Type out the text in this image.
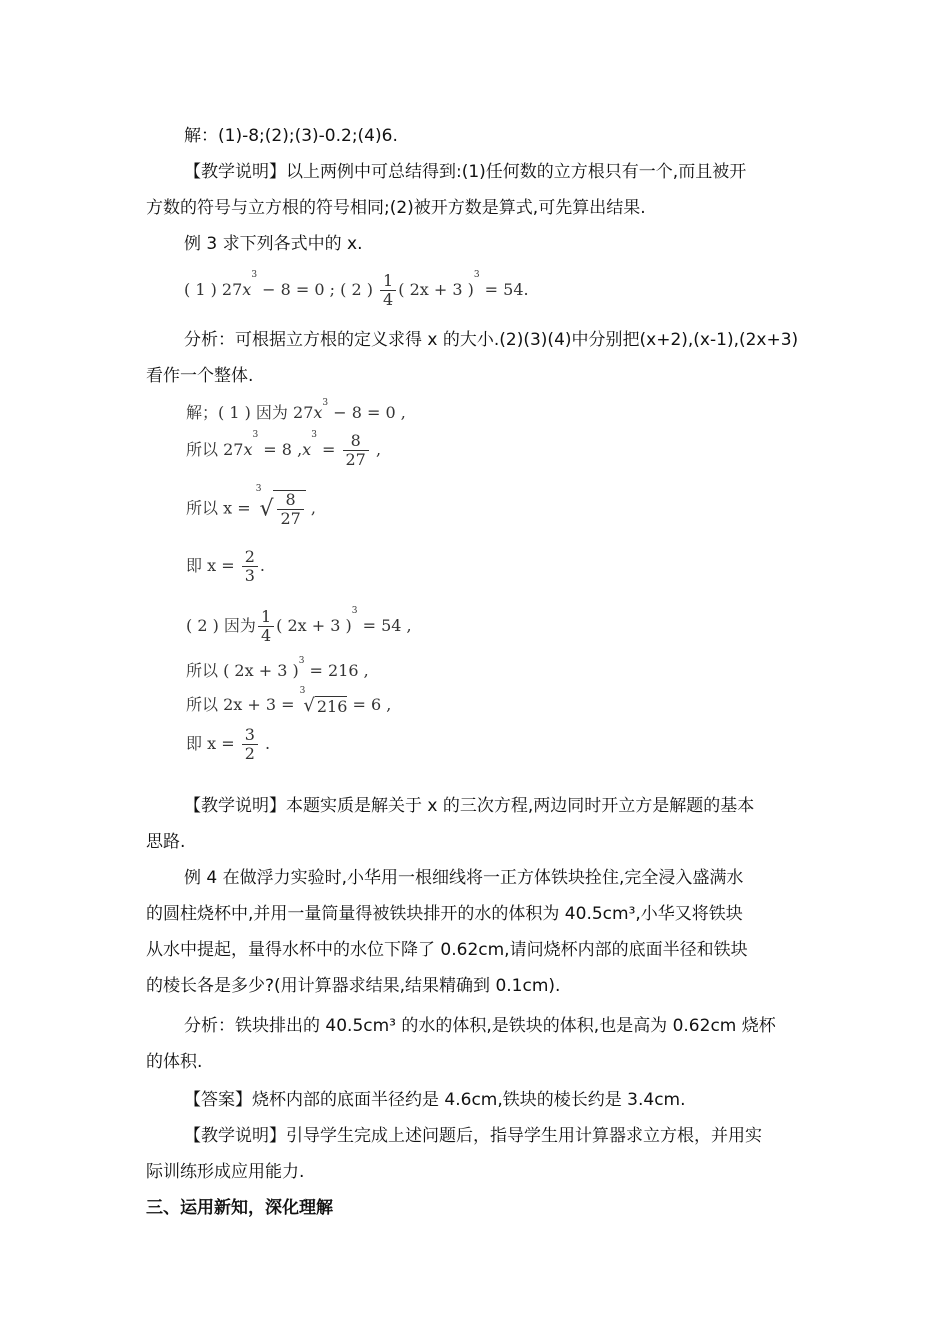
解：(1)-8;(2);(3)-0.2;(4)6.
【教学说明】以上两例中可总结得到:(1)任何数的立方根只有一个,而且被开
方数的符号与立方根的符号相同;(2)被开方数是算式,可先算出结果.
例 3 求下列各式中的 x.
( 1 ) $27x^3 - 8 = 0$ ; ( 2 ) $\frac{1}{4}$ ( 2x + 3 )$^3$ = 54.
分析：可根据立方根的定义求得 x 的大小.(2)(3)(4)中分别把(x+2),(x-1),(2x+3)
看作一个整体.
解；( 1 ) 因为 $27x^3 - 8 = 0$ ,
所以 $27x^3 = 8$ $,x^3 = \frac{8}{27}$ ,
所以 $x = ^3√ \frac{8}{27}$ ,
即 $x = \frac{2}{3}$ .
( 2 ) 因为 $\frac{1}{4}$ ( 2x + 3 )$^3$ = 54 ,
所以 ( 2x + 3 )$^3$ = 216 ,
所以 2x + 3 = $^3$√ 216 = 6 ,
即 $x = \frac{3}{2}$ .
【教学说明】本题实质是解关于 x 的三次方程,两边同时开立方是解题的基本
思路.
例 4 在做浮力实验时,小华用一根细线将一正方体铁块拴住,完全浸入盛满水
的圆柱烧杯中,并用一量筒量得被铁块排开的水的体积为 40.5cm³,小华又将铁块
从水中提起，量得水杯中的水位下降了 0.62cm,请问烧杯内部的底面半径和铁块
的棱长各是多少?(用计算器求结果,结果精确到 0.1cm).
分析：铁块排出的 40.5cm³ 的水的体积,是铁块的体积,也是高为 0.62cm 烧杯
的体积.
【答案】烧杯内部的底面半径约是 4.6cm,铁块的棱长约是 3.4cm.
【教学说明】引导学生完成上述问题后，指导学生用计算器求立方根，并用实
际训练形成应用能力.
三、运用新知，深化理解
